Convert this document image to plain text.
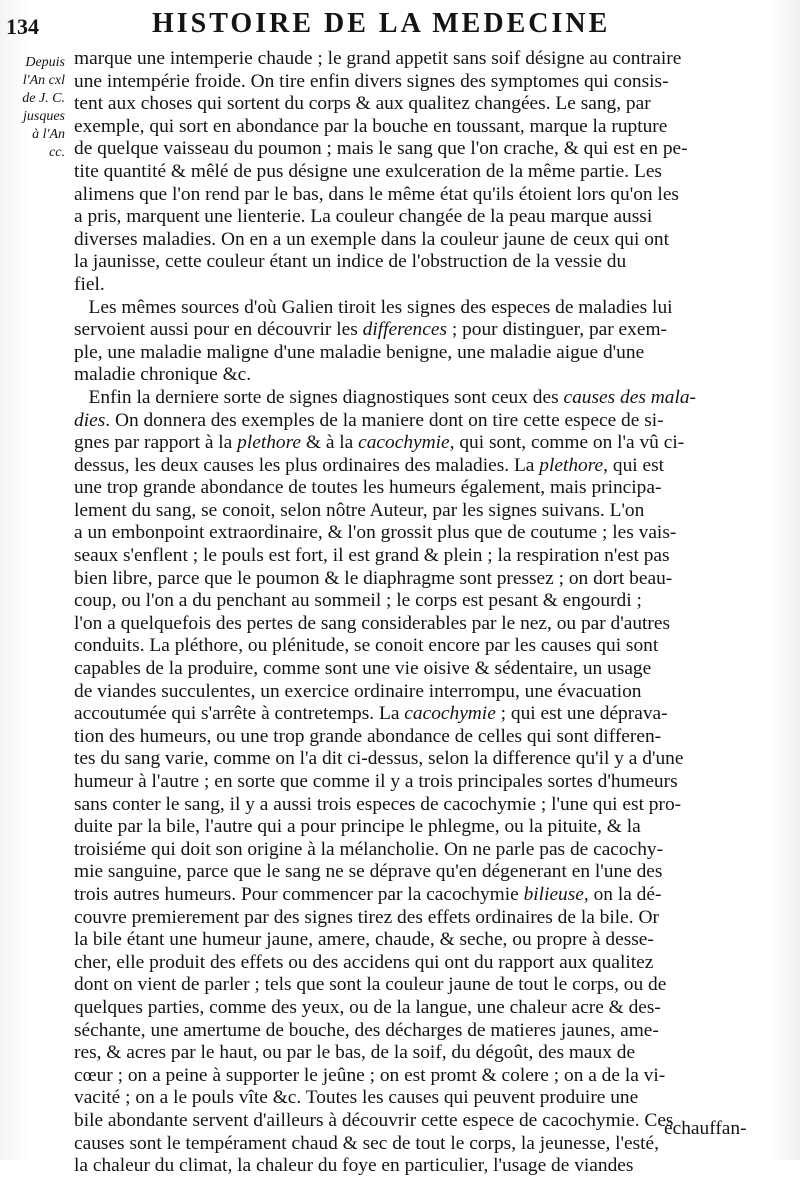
134	HISTOIRE DE LA MEDECINE
Depuis
l'An cxl
de J. C.
jusques
à l'An
cc.
marque une intemperie chaude ; le grand appetit sans soif désigne au contraire
une intempérie froide. On tire enfin divers signes des symptomes qui consis-
tent aux choses qui sortent du corps & aux qualitez changées. Le sang, par
exemple, qui sort en abondance par la bouche en toussant, marque la rupture
de quelque vaisseau du poumon ; mais le sang que l'on crache, & qui est en pe-
tite quantité & mêlé de pus désigne une exulceration de la même partie. Les
alimens que l'on rend par le bas, dans le même état qu'ils étoient lors qu'on les
a pris, marquent une lienterie. La couleur changée de la peau marque aussi
diverses maladies. On en a un exemple dans la couleur jaune de ceux qui ont
la jaunisse, cette couleur étant un indice de l'obstruction de la vessie du
fiel.
Les mêmes sources d'où Galien tiroit les signes des especes de maladies lui
servoient aussi pour en découvrir les differences ; pour distinguer, par exem-
ple, une maladie maligne d'une maladie benigne, une maladie aigue d'une
maladie chronique &c.
Enfin la derniere sorte de signes diagnostiques sont ceux des causes des mala-
dies. On donnera des exemples de la maniere dont on tire cette espece de si-
gnes par rapport à la plethore & à la cacochymie, qui sont, comme on l'a vû ci-
dessus, les deux causes les plus ordinaires des maladies. La plethore, qui est
une trop grande abondance de toutes les humeurs également, mais principa-
lement du sang, se conoit, selon nôtre Auteur, par les signes suivans. L'on
a un embonpoint extraordinaire, & l'on grossit plus que de coutume ; les vais-
seaux s'enflent ; le pouls est fort, il est grand & plein ; la respiration n'est pas
bien libre, parce que le poumon & le diaphragme sont pressez ; on dort beau-
coup, ou l'on a du penchant au sommeil ; le corps est pesant & engourdi ;
l'on a quelquefois des pertes de sang considerables par le nez, ou par d'autres
conduits. La pléthore, ou plénitude, se conoit encore par les causes qui sont
capables de la produire, comme sont une vie oisive & sédentaire, un usage
de viandes succulentes, un exercice ordinaire interrompu, une évacuation
accoutumée qui s'arrête à contretemps. La cacochymie ; qui est une déprava-
tion des humeurs, ou une trop grande abondance de celles qui sont differen-
tes du sang varie, comme on l'a dit ci-dessus, selon la difference qu'il y a d'une
humeur à l'autre ; en sorte que comme il y a trois principales sortes d'humeurs
sans conter le sang, il y a aussi trois especes de cacochymie ; l'une qui est pro-
duite par la bile, l'autre qui a pour principe le phlegme, ou la pituite, & la
troisiéme qui doit son origine à la mélancholie. On ne parle pas de cacochy-
mie sanguine, parce que le sang ne se déprave qu'en dégenerant en l'une des
trois autres humeurs. Pour commencer par la cacochymie bilieuse, on la dé-
couvre premierement par des signes tirez des effets ordinaires de la bile. Or
la bile étant une humeur jaune, amere, chaude, & seche, ou propre à desse-
cher, elle produit des effets ou des accidens qui ont du rapport aux qualitez
dont on vient de parler ; tels que sont la couleur jaune de tout le corps, ou de
quelques parties, comme des yeux, ou de la langue, une chaleur acre & des-
séchante, une amertume de bouche, des décharges de matieres jaunes, ame-
res, & acres par le haut, ou par le bas, de la soif, du dégoût, des maux de
cœur ; on a peine à supporter le jeûne ; on est promt & colere ; on a de la vi-
vacité ; on a le pouls vîte &c. Toutes les causes qui peuvent produire une
bile abondante servent d'ailleurs à découvrir cette espece de cacochymie. Ces
causes sont le tempérament chaud & sec de tout le corps, la jeunesse, l'esté,
la chaleur du climat, la chaleur du foye en particulier, l'usage de viandes
échauffan-
